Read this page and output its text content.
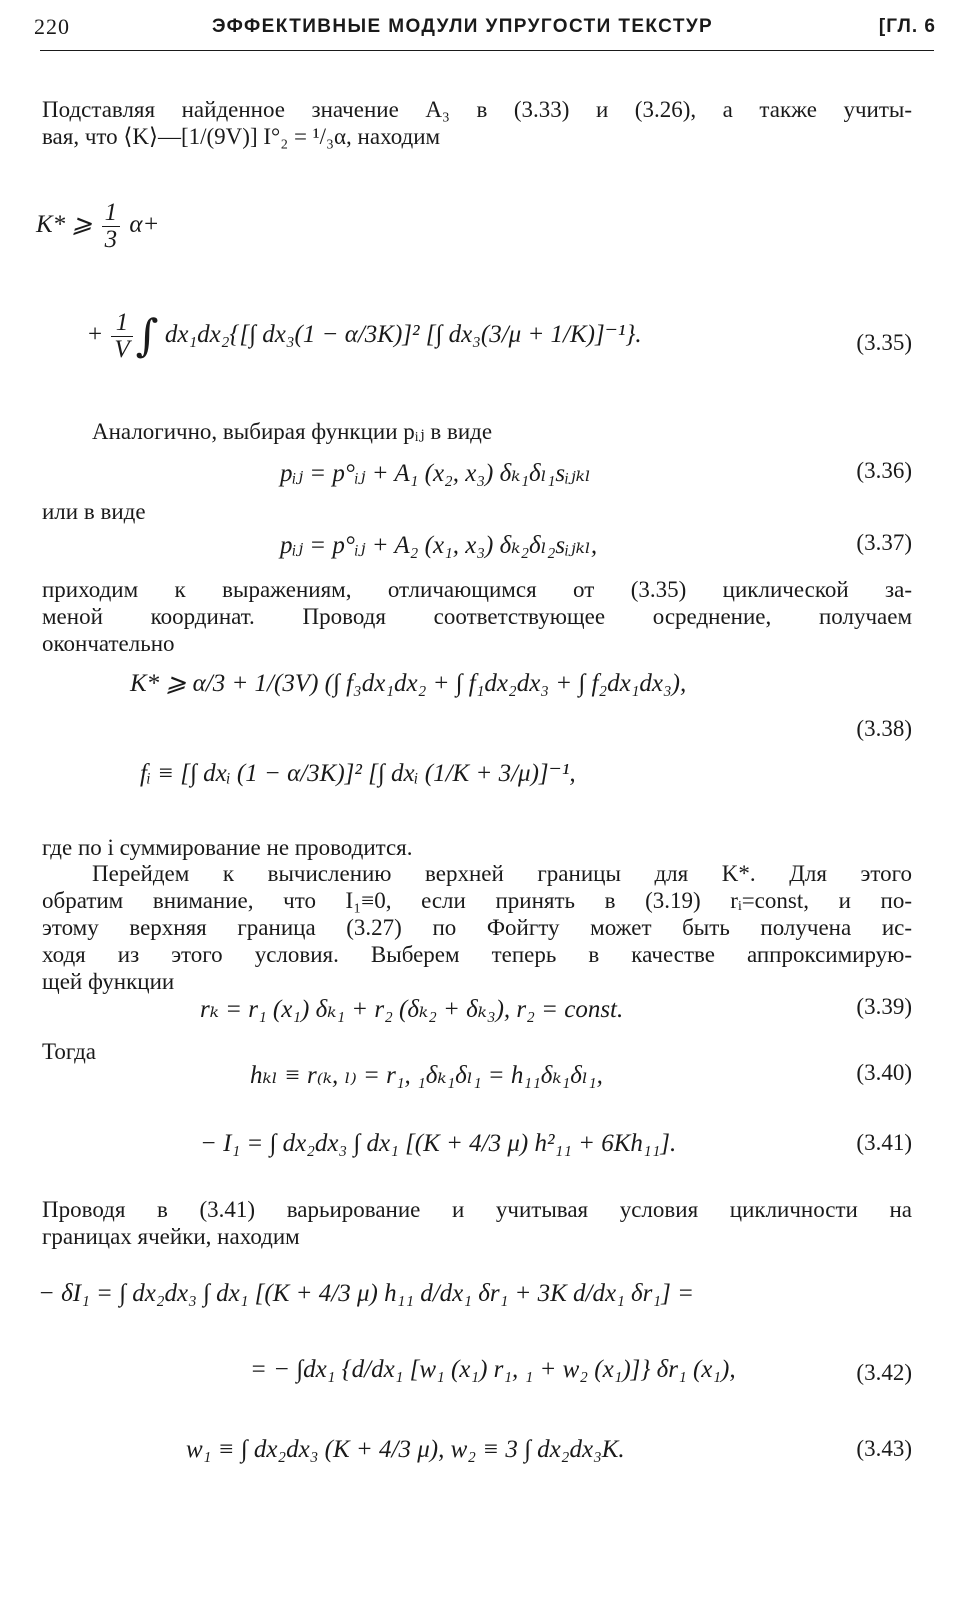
220	ЭФФЕКТИВНЫЕ МОДУЛИ УПРУГОСТИ ТЕКСТУР	[ГЛ. 6
Подставляя найденное значение A₃ в (3.33) и (3.26), а также учиты-
вая, что ⟨K⟩—[1/(9V)] I°₂ = ¹/₃α, находим
K* ⩾ $\frac{1}{3} \alpha+$
+ $\frac{1}{V}$ ∫ dx₁dx₂{[∫ dx₃(1 − α/3K)]² [∫ dx₃(3/μ + 1/K)]⁻¹}.	(3.35)
Аналогично, выбирая функции pᵢⱼ в виде
pᵢⱼ = p°ᵢⱼ + A₁ (x₂, x₃) δₖ₁δₗ₁sᵢⱼₖₗ	(3.36)
или в виде
pᵢⱼ = p°ᵢⱼ + A₂ (x₁, x₃) δₖ₂δₗ₂sᵢⱼₖₗ,	(3.37)
приходим к выражениям, отличающимся от (3.35) циклической за-
меной координат. Проводя соответствующее осреднение, получаем
окончательно
K* ⩾ α/3 + 1/(3V) (∫ f₃dx₁dx₂ + ∫ f₁dx₂dx₃ + ∫ f₂dx₁dx₃),
fᵢ ≡ [∫ dxᵢ (1 − α/3K)]² [∫ dxᵢ (1/K + 3/μ)]⁻¹,
(3.38)
где по i суммирование не проводится.
Перейдем к вычислению верхней границы для K*. Для этого
обратим внимание, что I₁≡0, если принять в (3.19) rᵢ=const, и по-
этому верхняя граница (3.27) по Фойгту может быть получена ис-
ходя из этого условия. Выберем теперь в качестве аппроксимирую-
щей функции
rₖ = r₁ (x₁) δₖ₁ + r₂ (δₖ₂ + δₖ₃), r₂ = const.	(3.39)
Тогда
hₖₗ ≡ r₍ₖ, ₗ₎ = r₁, ₁δₖ₁δₗ₁ = h₁₁δₖ₁δₗ₁,	(3.40)
− I₁ = ∫ dx₂dx₃ ∫ dx₁ [(K + 4/3 μ) h²₁₁ + 6Kh₁₁].	(3.41)
Проводя в (3.41) варьирование и учитывая условия цикличности на
границах ячейки, находим
− δI₁ = ∫ dx₂dx₃ ∫ dx₁ [(K + 4/3 μ) h₁₁ d/dx₁ δr₁ + 3K d/dx₁ δr₁] =
= − ∫dx₁ {d/dx₁ [w₁ (x₁) r₁, ₁ + w₂ (x₁)]} δr₁ (x₁),	(3.42)
w₁ ≡ ∫ dx₂dx₃ (K + 4/3 μ), w₂ ≡ 3 ∫ dx₂dx₃K.	(3.43)
